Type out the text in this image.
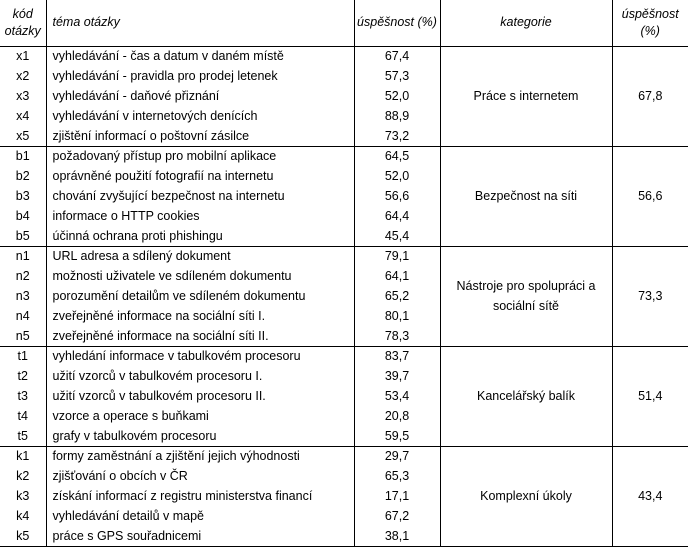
kód otázky	téma otázky	úspěšnost (%)	kategorie	úspěšnost (%)
x1	vyhledávání - čas a datum v daném místě	67,4	Práce s internetem	67,8
x2	vyhledávání - pravidla pro prodej letenek	57,3		
x3	vyhledávání - daňové přiznání	52,0		
x4	vyhledávání v internetových denících	88,9		
x5	zjištění informací o poštovní zásilce	73,2		
b1	požadovaný přístup pro mobilní aplikace	64,5	Bezpečnost na síti	56,6
b2	oprávněné použití fotografií na internetu	52,0		
b3	chování zvyšující bezpečnost na internetu	56,6		
b4	informace o HTTP cookies	64,4		
b5	účinná ochrana proti phishingu	45,4		
n1	URL adresa a sdílený dokument	79,1	Nástroje pro spolupráci a sociální sítě	73,3
n2	možnosti uživatele ve sdíleném dokumentu	64,1		
n3	porozumění detailům ve sdíleném dokumentu	65,2		
n4	zveřejněné informace na sociální síti I.	80,1		
n5	zveřejněné informace na sociální síti II.	78,3		
t1	vyhledání informace v tabulkovém procesoru	83,7	Kancelářský balík	51,4
t2	užití vzorců v tabulkovém procesoru I.	39,7		
t3	užití vzorců v tabulkovém procesoru II.	53,4		
t4	vzorce a operace s buňkami	20,8		
t5	grafy v tabulkovém procesoru	59,5		
k1	formy zaměstnání a zjištění jejich výhodnosti	29,7	Komplexní úkoly	43,4
k2	zjišťování o obcích v ČR	65,3		
k3	získání informací z registru ministerstva financí	17,1		
k4	vyhledávání detailů v mapě	67,2		
k5	práce s GPS souřadnicemi	38,1		
